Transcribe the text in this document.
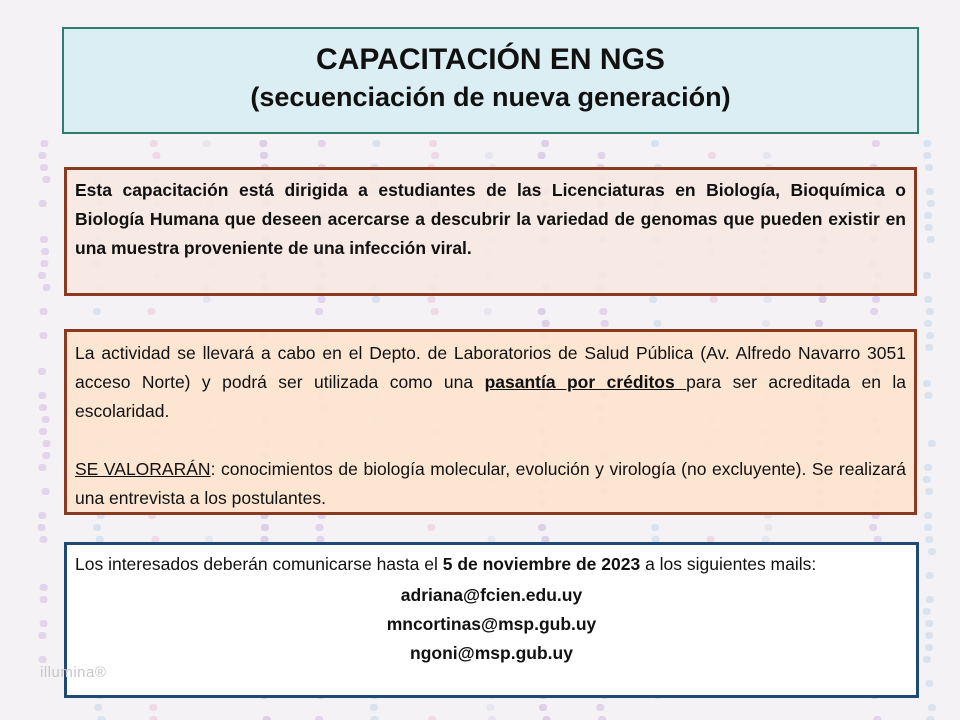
CAPACITACIÓN EN NGS
(secuenciación de nueva generación)
Esta capacitación está dirigida a estudiantes de las Licenciaturas en Biología, Bioquímica o Biología Humana que deseen acercarse a descubrir la variedad de genomas que pueden existir en una muestra proveniente de una infección viral.

La actividad se llevará a cabo en el Depto. de Laboratorios de Salud Pública (Av. Alfredo Navarro 3051 acceso Norte) y podrá ser utilizada como una pasantía por créditos para ser acreditada en la escolaridad.

SE VALORARÁN: conocimientos de biología molecular, evolución y virología (no excluyente). Se realizará una entrevista a los postulantes.

Los interesados deberán comunicarse hasta el 5 de noviembre de 2023 a los siguientes mails:
adriana@fcien.edu.uy
mncortinas@msp.gub.uy
ngoni@msp.gub.uy
illumina®
